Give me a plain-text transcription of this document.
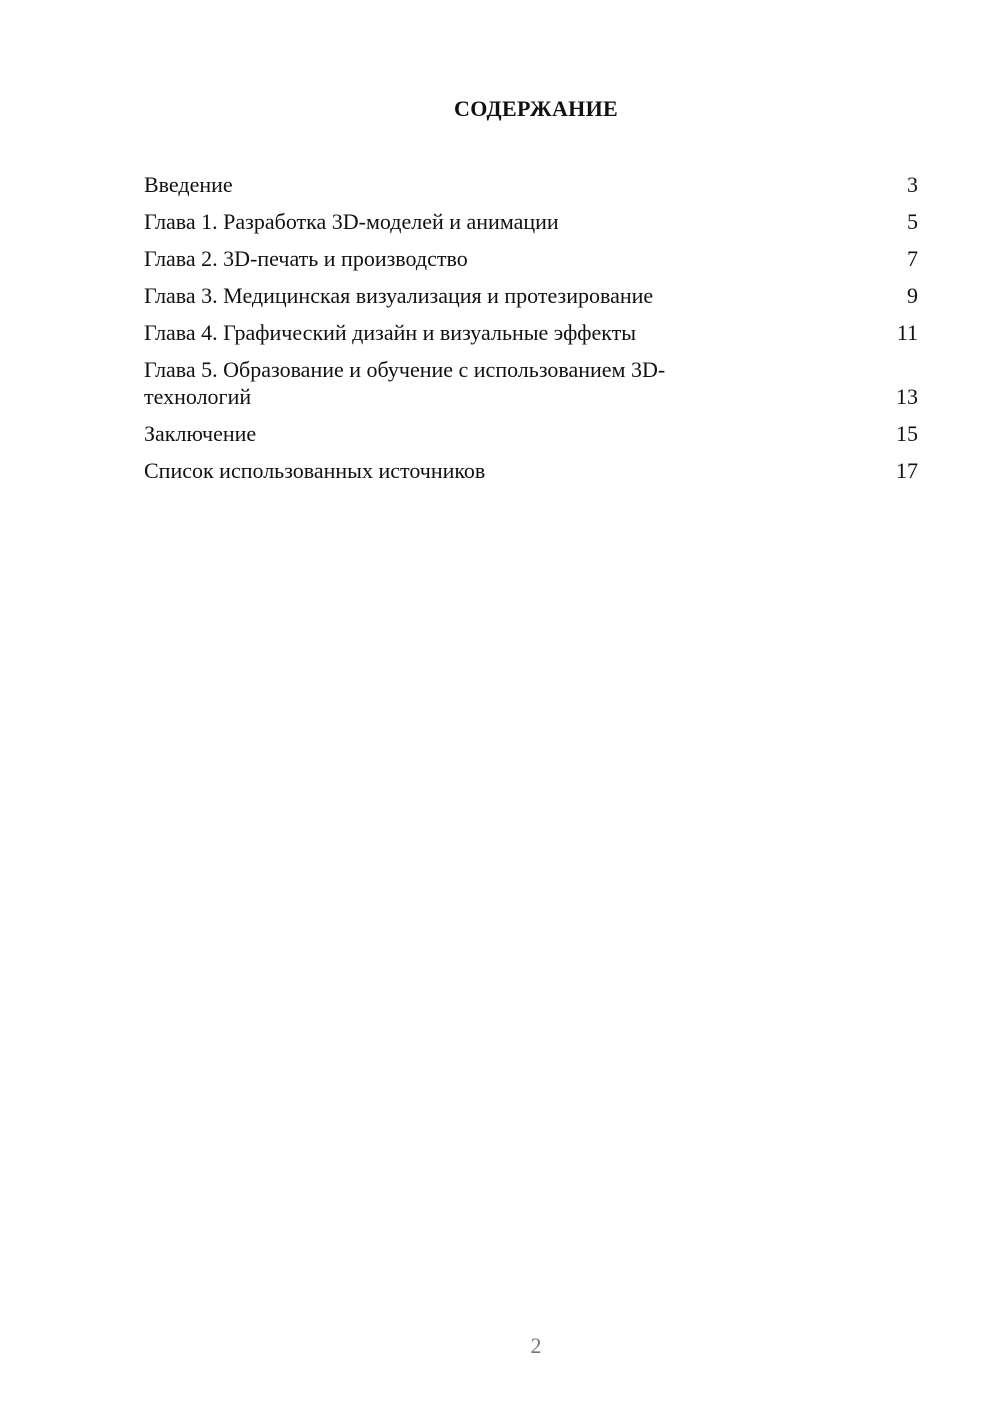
СОДЕРЖАНИЕ
Введение	3
Глава 1. Разработка 3D-моделей и анимации	5
Глава 2. 3D-печать и производство	7
Глава 3. Медицинская визуализация и протезирование	9
Глава 4. Графический дизайн и визуальные эффекты	11
Глава 5. Образование и обучение с использованием 3D-технологий	13
Заключение	15
Список использованных источников	17
2
